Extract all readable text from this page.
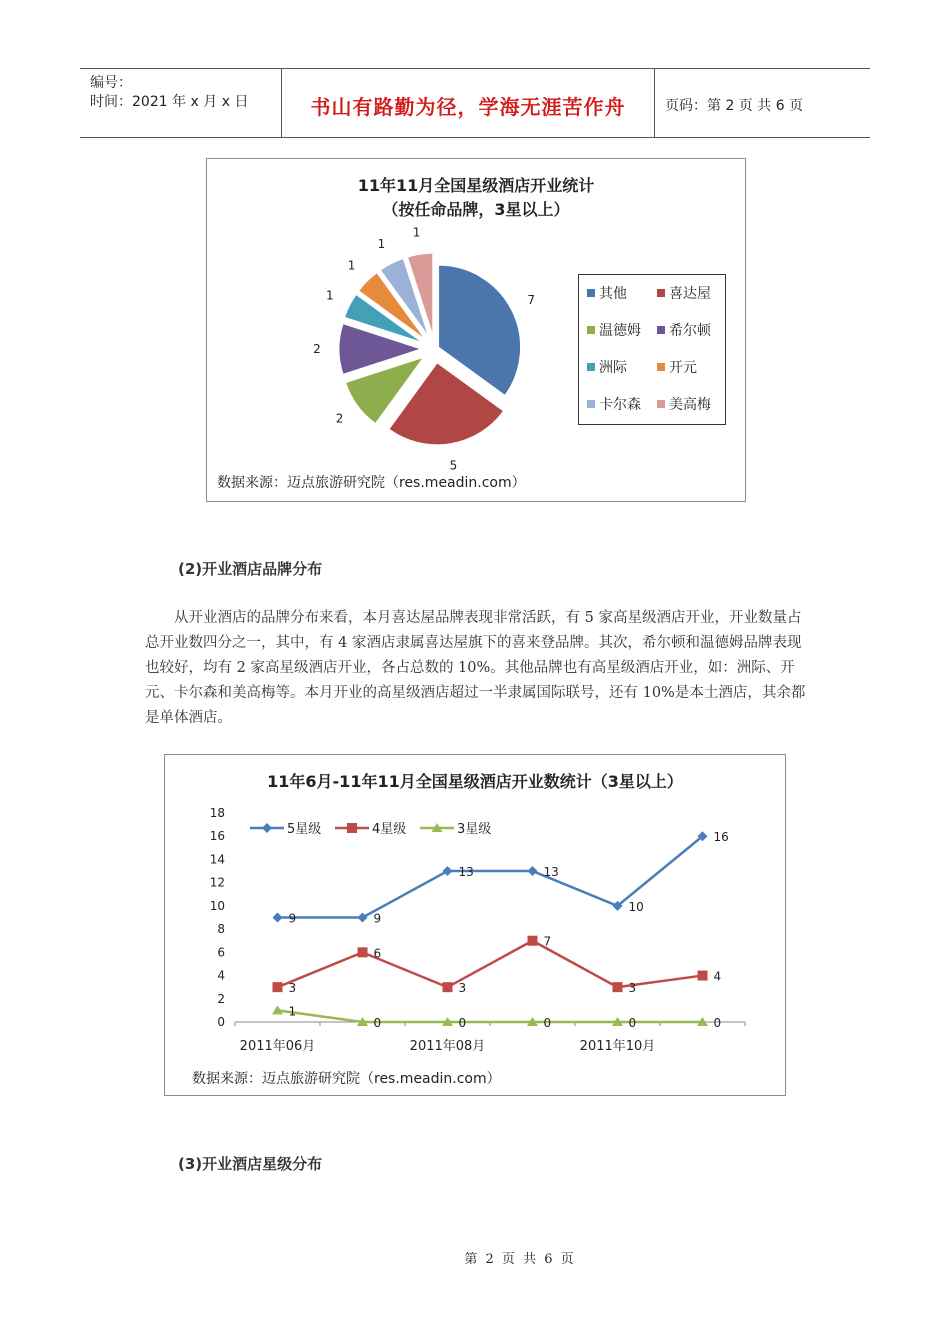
编号：
时间：2021 年 x 月 x 日	书山有路勤为径，学海无涯苦作舟	页码：第 2 页 共 6 页
11年11月全国星级酒店开业统计
（按任命品牌，3星以上）
7
5
2
2
1
1
1
1
其他	喜达屋
温德姆 希尔顿
洲际	开元
卡尔森 美高梅
数据来源：迈点旅游研究院（res.meadin.com）
(2)开业酒店品牌分布
从开业酒店的品牌分布来看，本月喜达屋品牌表现非常活跃，有 5 家高星级酒店开业，开业数量占总开业数四分之一，其中，有 4 家酒店隶属喜达屋旗下的喜来登品牌。其次，希尔顿和温德姆品牌表现也较好，均有 2 家高星级酒店开业，各占总数的 10%。其他品牌也有高星级酒店开业，如：洲际、开元、卡尔森和美高梅等。本月开业的高星级酒店超过一半隶属国际联号，还有 10%是本土酒店，其余都是单体酒店。
11年6月-11年11月全国星级酒店开业数统计（3星以上）
0
2
4
6
8
10
12
14
16
18
2011年06月	2011年08月	2011年10月
9	9
13	13
10
16
3
6
3
7
3
4
1
0	0	0	0	0
5星级	4星级	3星级
数据来源：迈点旅游研究院（res.meadin.com）
(3)开业酒店星级分布
第 2 页 共 6 页
